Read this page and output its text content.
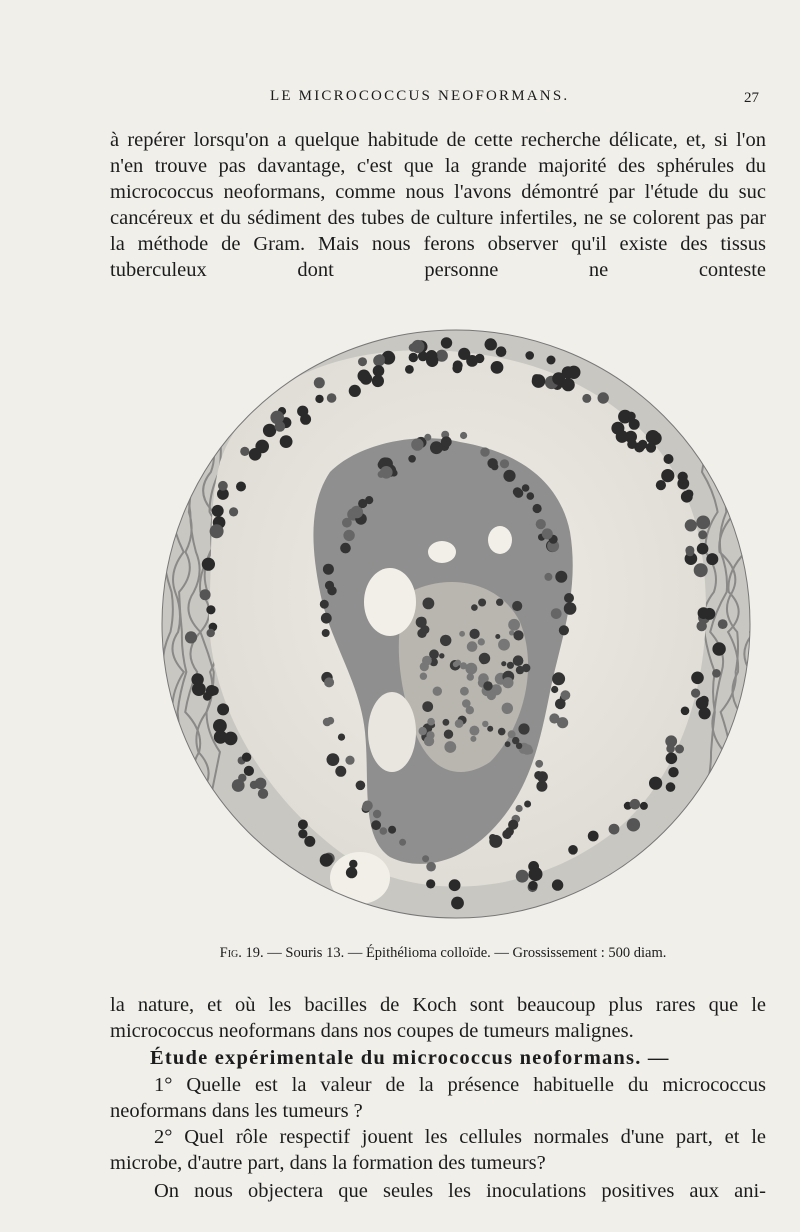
LE MICROCOCCUS NEOFORMANS.	27

à repérer lorsqu'on a quelque habitude de cette recherche délicate, et, si l'on n'en trouve pas davantage, c'est que la grande majorité des sphérules du micrococcus neoformans, comme nous l'avons démontré par l'étude du suc cancéreux et du sédiment des tubes de culture infertiles, ne se colorent pas par la méthode de Gram. Mais nous ferons observer qu'il existe des tissus tuberculeux dont personne ne conteste

Fig. 19. — Souris 13. — Épithélioma colloïde. — Grossissement : 500 diam.

la nature, et où les bacilles de Koch sont beaucoup plus rares que le micrococcus neoformans dans nos coupes de tumeurs malignes.

Étude expérimentale du micrococcus neoformans. —

1° Quelle est la valeur de la présence habituelle du micrococcus neoformans dans les tumeurs ?

2° Quel rôle respectif jouent les cellules normales d'une part, et le microbe, d'autre part, dans la formation des tumeurs?

On nous objectera que seules les inoculations positives aux ani-
